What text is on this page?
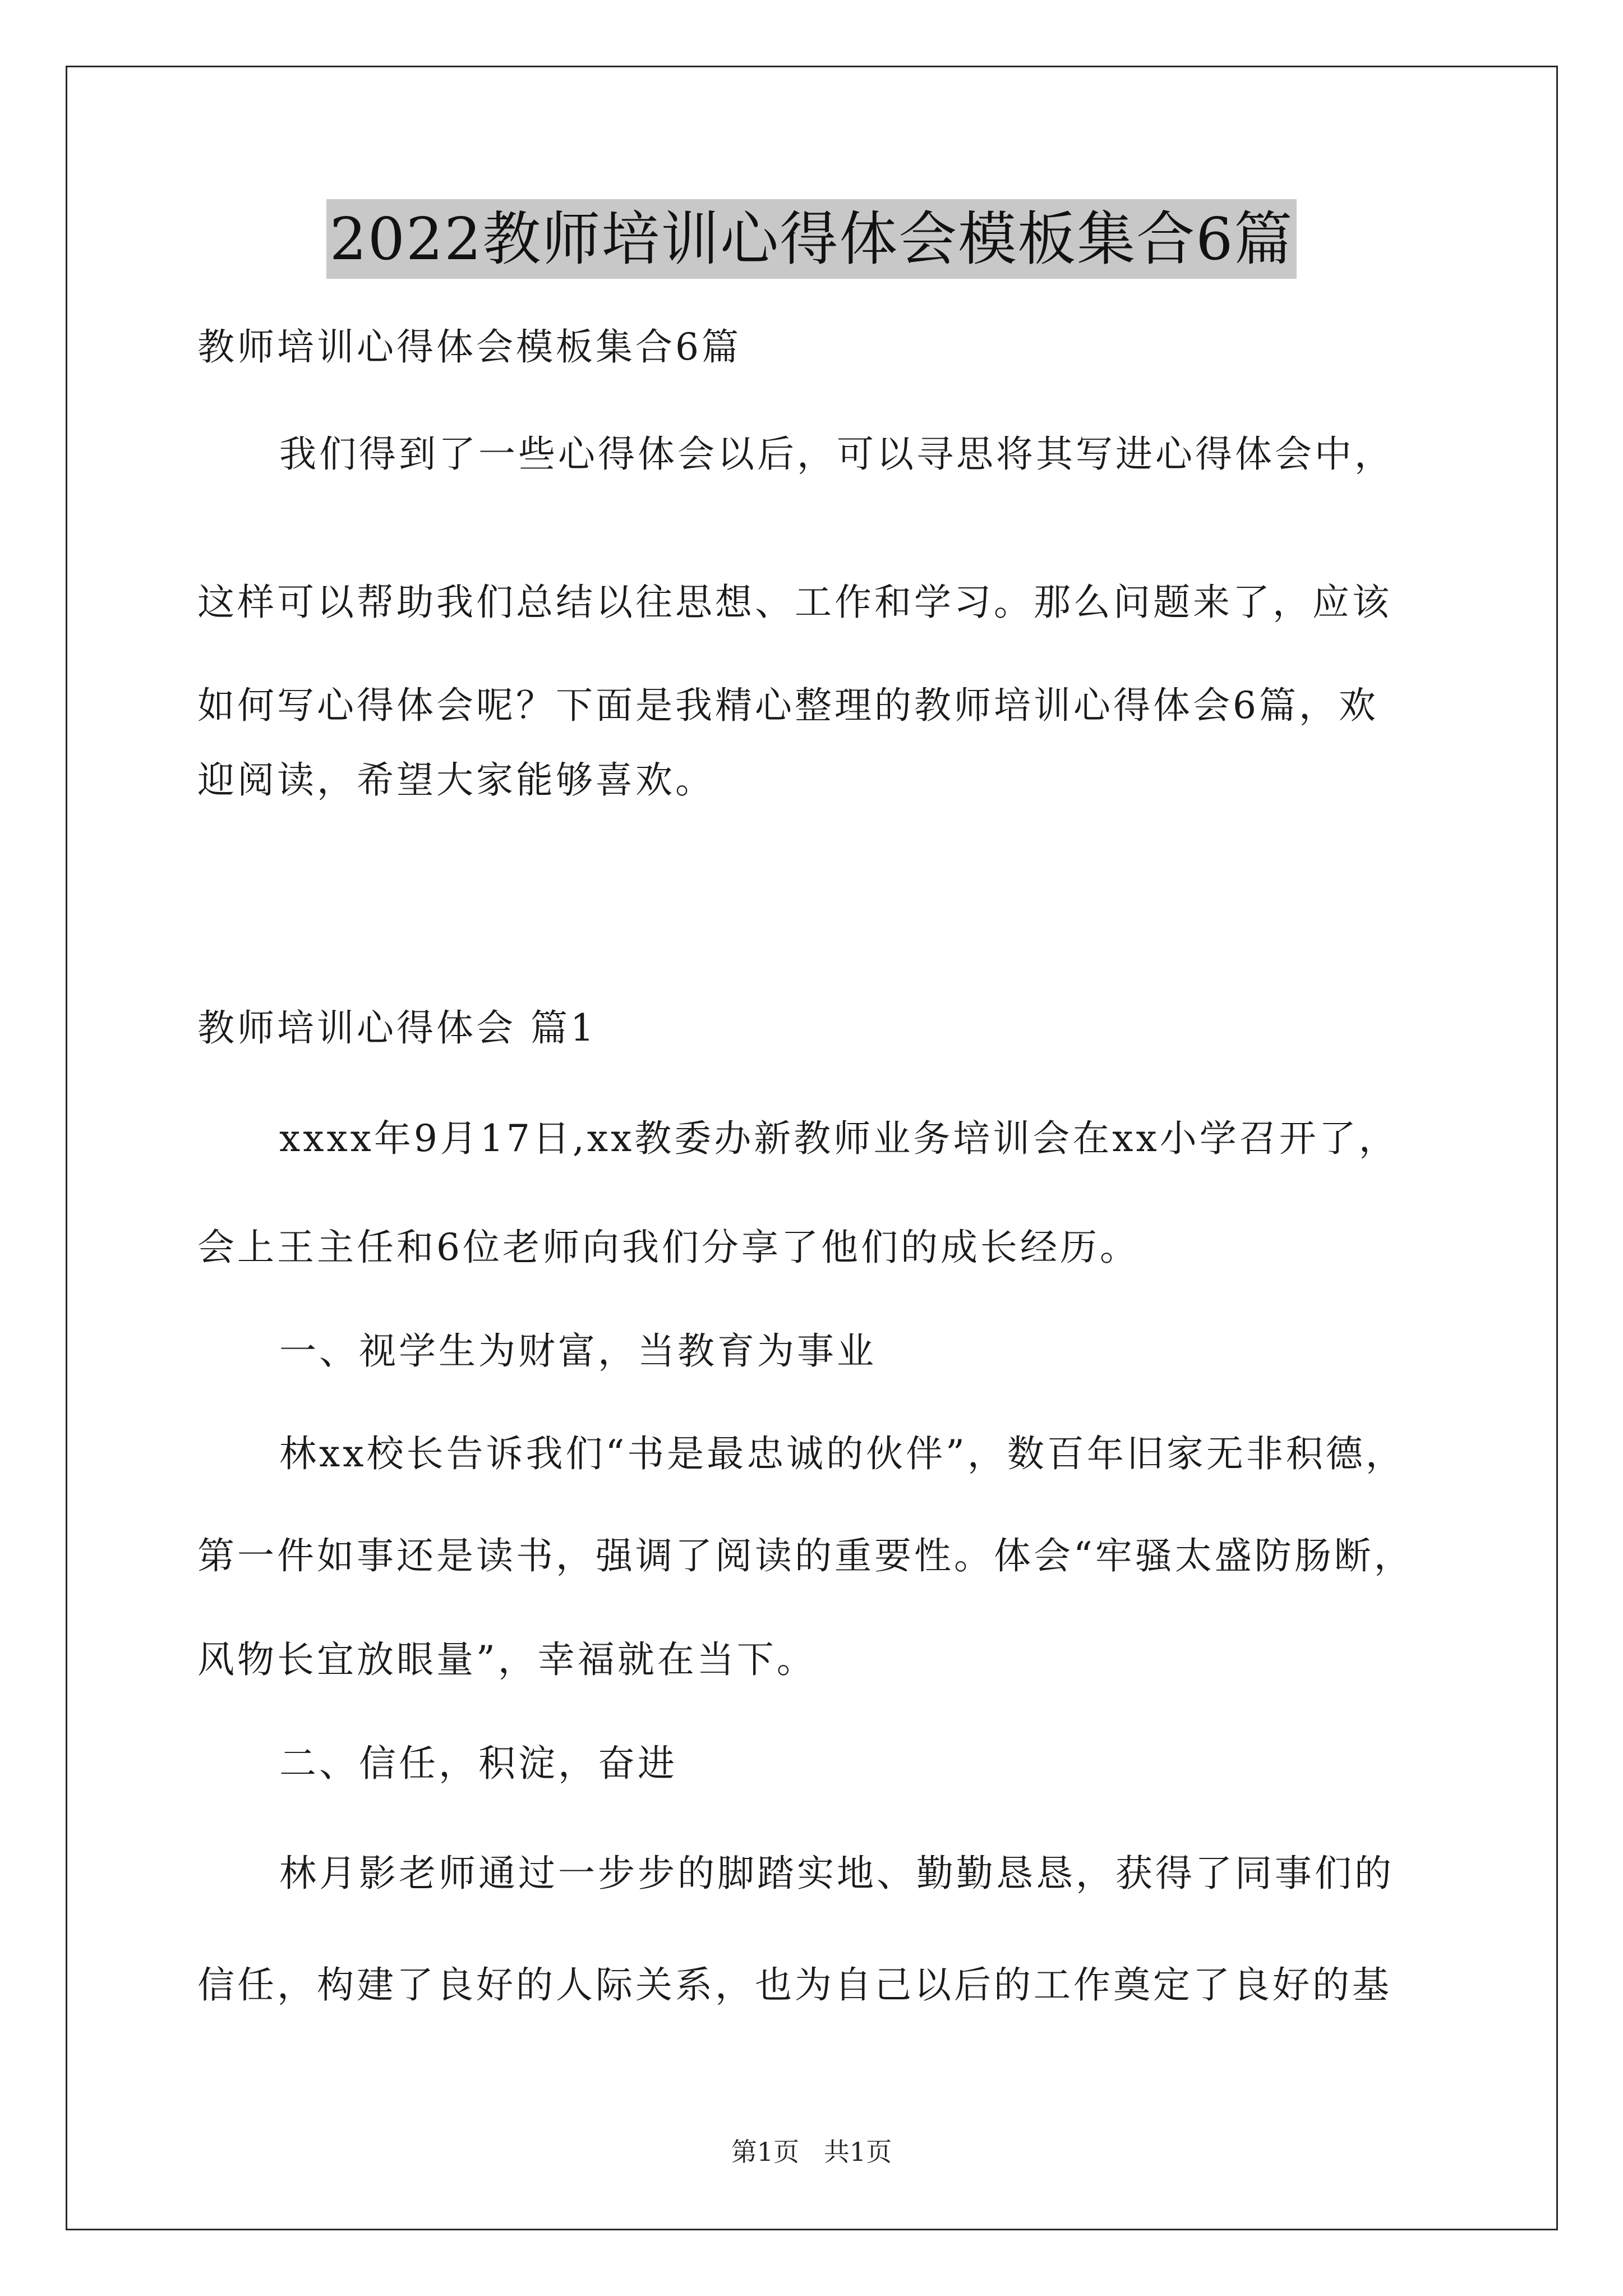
2022教师培训心得体会模板集合6篇

教师培训心得体会模板集合6篇

我们得到了一些心得体会以后，可以寻思将其写进心得体会中，

这样可以帮助我们总结以往思想、工作和学习。那么问题来了，应该

如何写心得体会呢？下面是我精心整理的教师培训心得体会6篇，欢

迎阅读，希望大家能够喜欢。

教师培训心得体会 篇1

xxxx年9月17日,xx教委办新教师业务培训会在xx小学召开了，

会上王主任和6位老师向我们分享了他们的成长经历。

一、视学生为财富，当教育为事业

林xx校长告诉我们“书是最忠诚的伙伴”，数百年旧家无非积德，

第一件如事还是读书，强调了阅读的重要性。体会“牢骚太盛防肠断，

风物长宜放眼量”，幸福就在当下。

二、信任，积淀，奋进

林月影老师通过一步步的脚踏实地、勤勤恳恳，获得了同事们的

信任，构建了良好的人际关系，也为自己以后的工作奠定了良好的基

第1页   共1页
